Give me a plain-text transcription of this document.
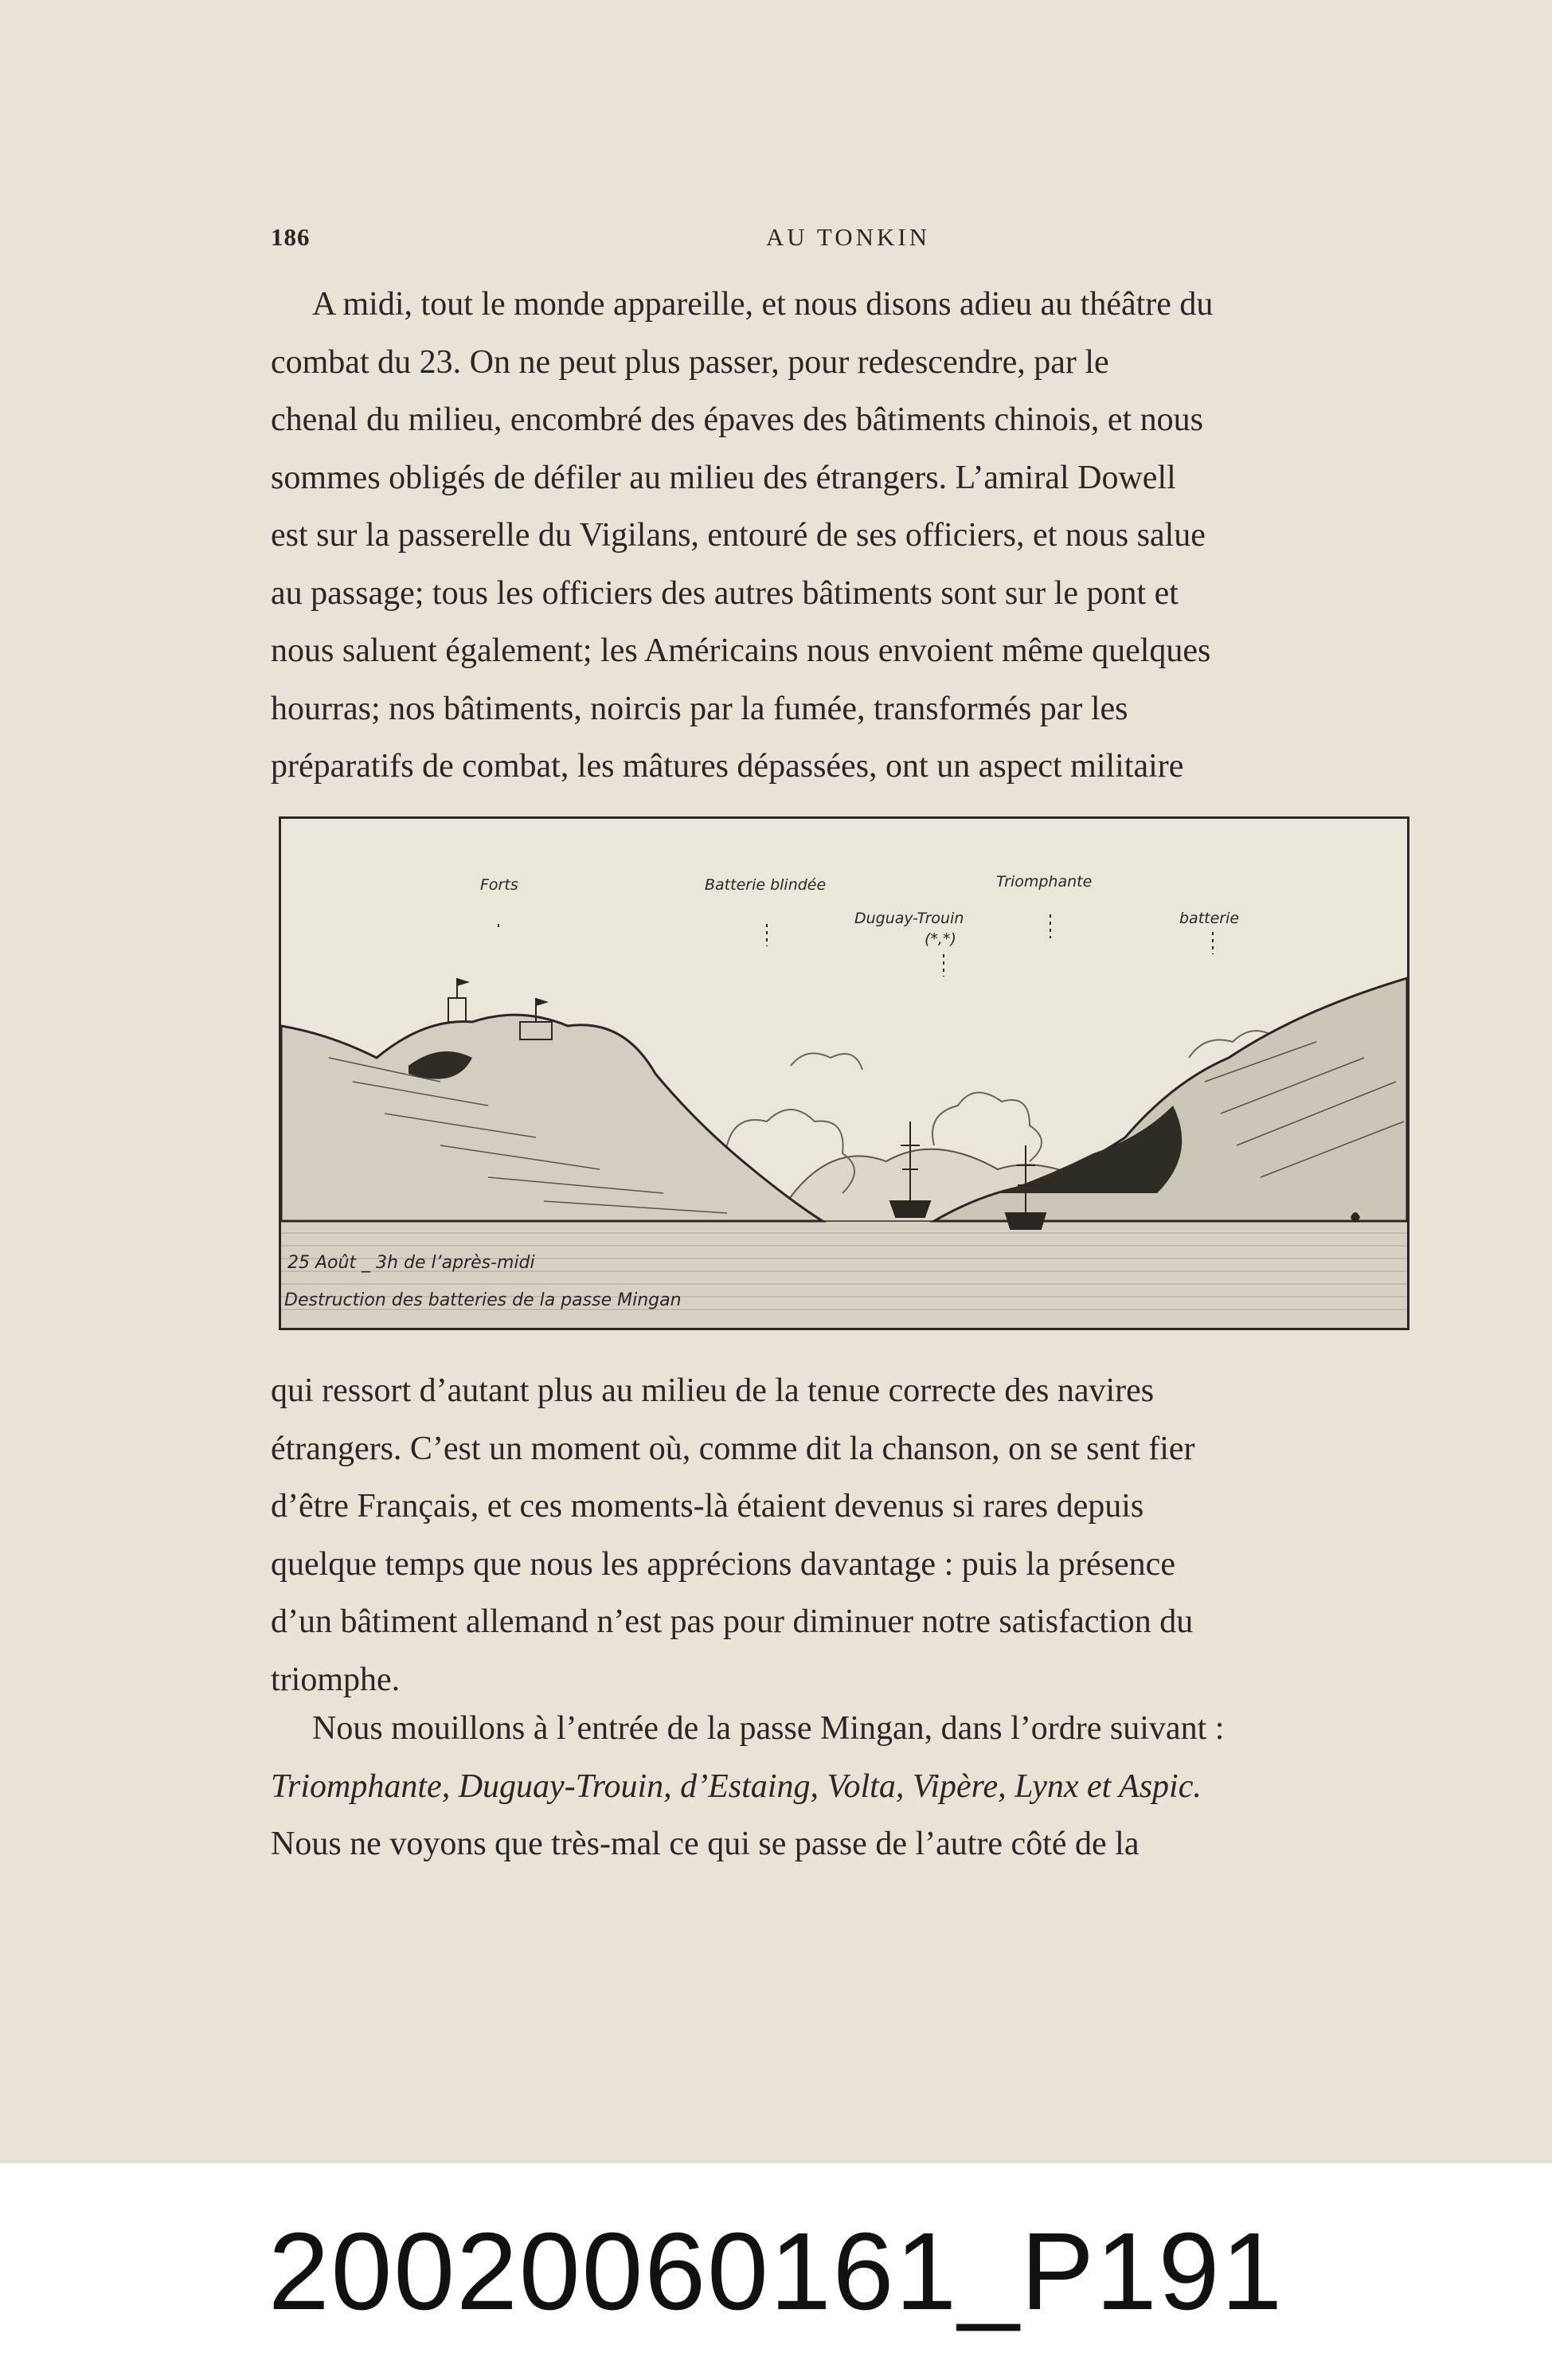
186	AU TONKIN
A midi, tout le monde appareille, et nous disons adieu au théâtre du
combat du 23. On ne peut plus passer, pour redescendre, par le
chenal du milieu, encombré des épaves des bâtiments chinois, et nous
sommes obligés de défiler au milieu des étrangers. L’amiral Dowell
est sur la passerelle du Vigilans, entouré de ses officiers, et nous salue
au passage; tous les officiers des autres bâtiments sont sur le pont et
nous saluent également; les Américains nous envoient même quelques
hourras; nos bâtiments, noircis par la fumée, transformés par les
préparatifs de combat, les mâtures dépassées, ont un aspect militaire
Forts	Batterie blindée
Duguay-Trouin
(*,*)
Triomphante
batterie
25 Août _ 3h de l’après-midi
Destruction des batteries de la passe Mingan
qui ressort d’autant plus au milieu de la tenue correcte des navires
étrangers. C’est un moment où, comme dit la chanson, on se sent fier
d’être Français, et ces moments-là étaient devenus si rares depuis
quelque temps que nous les apprécions davantage : puis la présence
d’un bâtiment allemand n’est pas pour diminuer notre satisfaction du
triomphe.
Nous mouillons à l’entrée de la passe Mingan, dans l’ordre suivant :
Triomphante, Duguay-Trouin, d’Estaing, Volta, Vipère, Lynx et Aspic.
Nous ne voyons que très-mal ce qui se passe de l’autre côté de la
20020060161_P191
